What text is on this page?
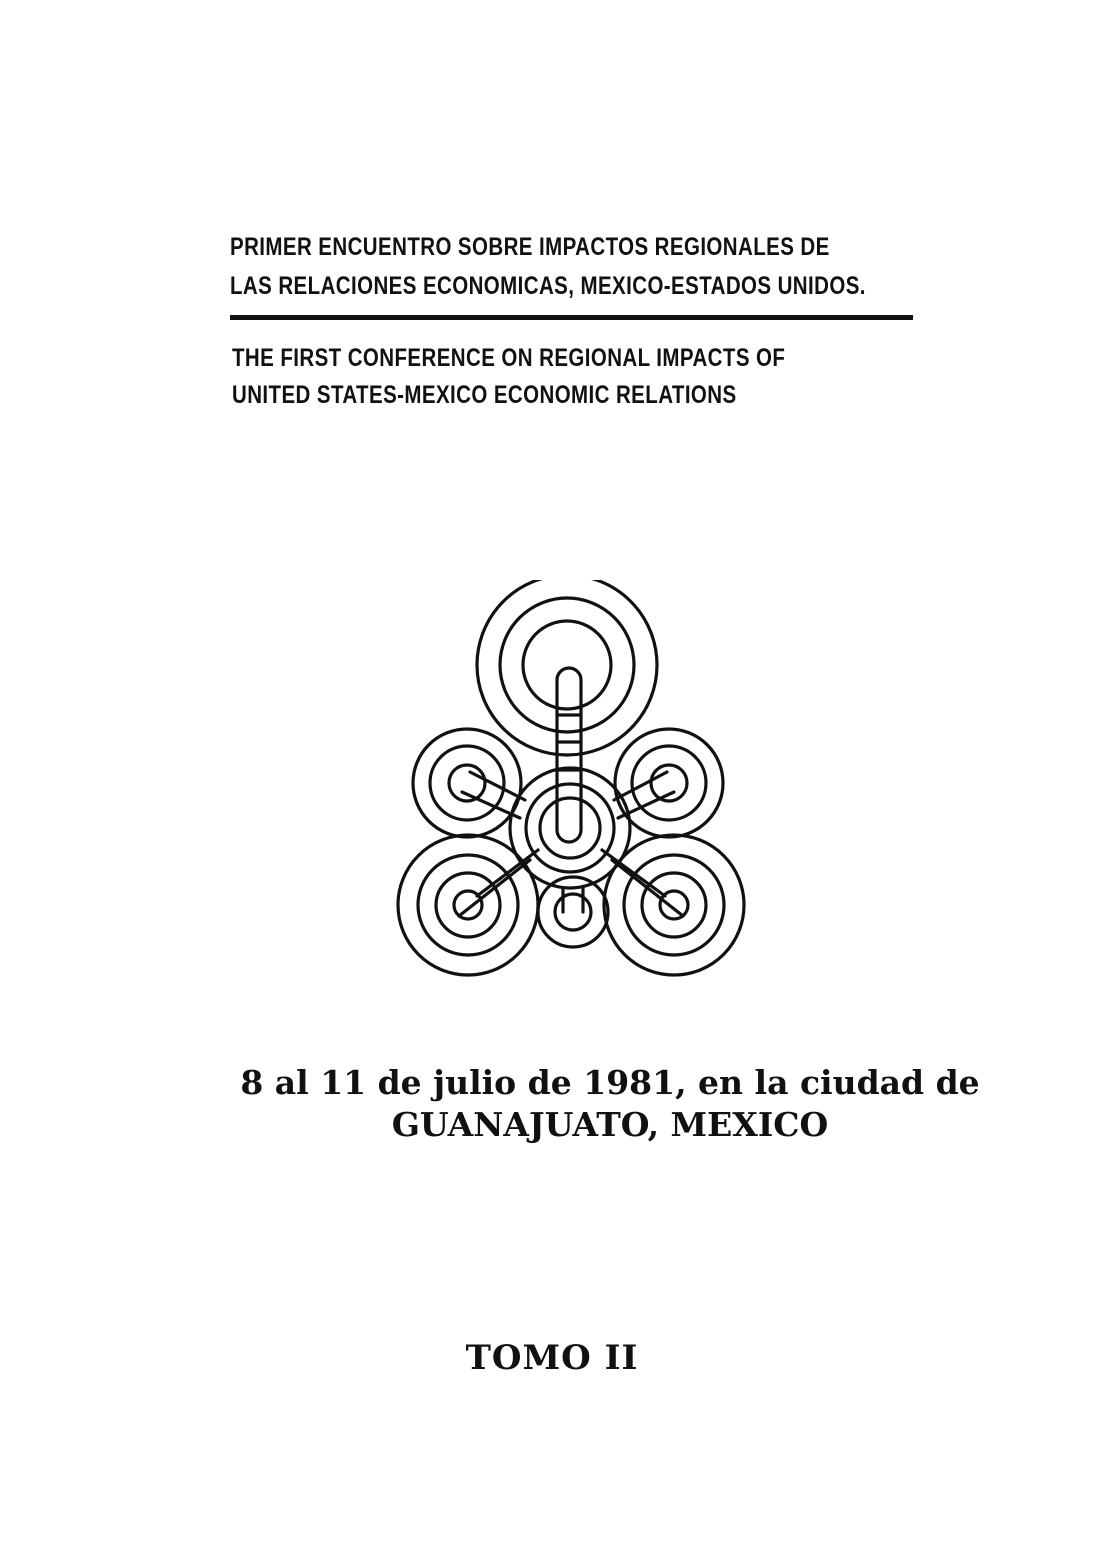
PRIMER ENCUENTRO SOBRE IMPACTOS REGIONALES DE
LAS RELACIONES ECONOMICAS, MEXICO-ESTADOS UNIDOS.
THE FIRST CONFERENCE ON REGIONAL IMPACTS OF
UNITED STATES-MEXICO ECONOMIC RELATIONS
8 al 11 de julio de 1981, en la ciudad de
GUANAJUATO, MEXICO
TOMO II
